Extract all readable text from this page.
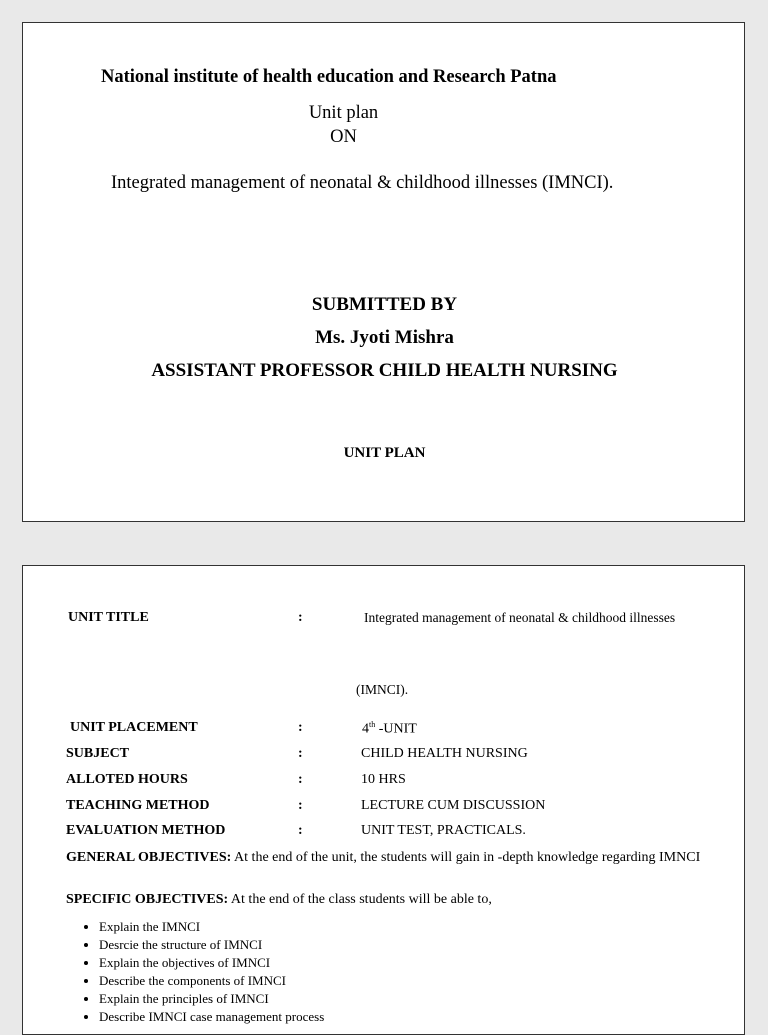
National institute of health education and Research Patna
Unit plan
ON
Integrated management of neonatal & childhood illnesses (IMNCI).
SUBMITTED BY
Ms. Jyoti Mishra
ASSISTANT PROFESSOR CHILD HEALTH NURSING
UNIT PLAN
UNIT TITLE	:	Integrated management of neonatal & childhood illnesses
(IMNCI).
UNIT PLACEMENT	:	4th -UNIT
SUBJECT	:	CHILD HEALTH NURSING
ALLOTED HOURS	:	10 HRS
TEACHING METHOD	:	LECTURE CUM DISCUSSION
EVALUATION METHOD	:	UNIT TEST, PRACTICALS.
GENERAL OBJECTIVES: At the end of the unit, the students will gain in -depth knowledge regarding IMNCI
SPECIFIC OBJECTIVES: At the end of the class students will be able to,
• Explain the IMNCI
• Desrcie the structure of IMNCI
• Explain the objectives of IMNCI
• Describe the components of IMNCI
• Explain the principles of IMNCI
• Describe IMNCI case management process
